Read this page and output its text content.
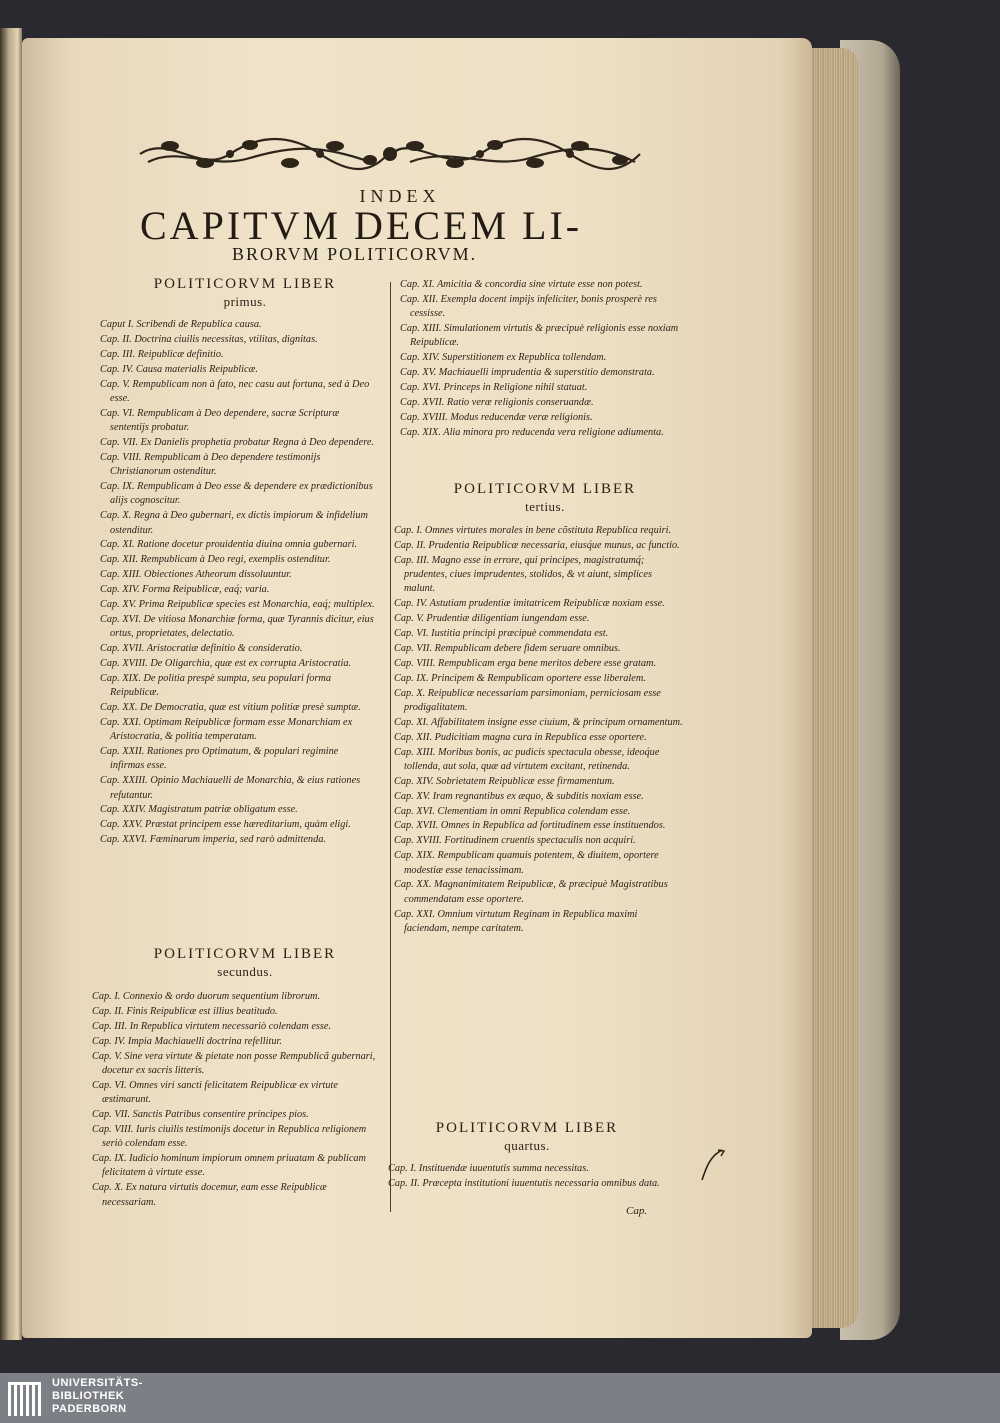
INDEX
CAPITVM DECEM LI-
BRORVM POLITICORVM.
POLITICORVM LIBER
primus.
Caput I. Scribendi de Republica causa.
Cap. II. Doctrina ciuilis necessitas, vtilitas, dignitas.
Cap. III. Reipublicæ definitio.
Cap. IV. Causa materialis Reipublicæ.
Cap. V. Rempublicam non à fato, nec casu aut fortuna, sed à Deo esse.
Cap. VI. Rempublicam à Deo dependere, sacræ Scripturæ sententijs probatur.
Cap. VII. Ex Danielis prophetia probatur Regna à Deo dependere.
Cap. VIII. Rempublicam à Deo dependere testimonijs Christianorum ostenditur.
Cap. IX. Rempublicam à Deo esse & dependere ex prædictionibus alijs cognoscitur.
Cap. X. Regna à Deo gubernari, ex dictis impiorum & infidelium ostenditur.
Cap. XI. Ratione docetur prouidentia diuina omnia gubernari.
Cap. XII. Rempublicam à Deo regi, exemplis ostenditur.
Cap. XIII. Obiectiones Atheorum dissoluuntur.
Cap. XIV. Forma Reipublicæ, eaq́; varia.
Cap. XV. Prima Reipublicæ species est Monarchia, eaq́; multiplex.
Cap. XVI. De vitiosa Monarchiæ forma, quæ Tyrannis dicitur, eius ortus, proprietates, delectatio.
Cap. XVII. Aristocratiæ definitio & consideratio.
Cap. XVIII. De Oligarchia, quæ est ex corrupta Aristocratia.
Cap. XIX. De politia prespè sumpta, seu populari forma Reipublicæ.
Cap. XX. De Democratia, quæ est vitium politiæ presè sumptæ.
Cap. XXI. Optimam Reipublicæ formam esse Monarchiam ex Aristocratia, & politia temperatam.
Cap. XXII. Rationes pro Optimatum, & populari regimine infirmas esse.
Cap. XXIII. Opinio Machiauelli de Monarchia, & eius rationes refutantur.
Cap. XXIV. Magistratum patriæ obligatum esse.
Cap. XXV. Præstat principem esse hæreditarium, quàm eligi.
Cap. XXVI. Fœminarum imperia, sed rarò admittenda.
POLITICORVM LIBER
secundus.
Cap. I. Connexio & ordo duorum sequentium librorum.
Cap. II. Finis Reipublicæ est illius beatitudo.
Cap. III. In Republica virtutem necessariò colendam esse.
Cap. IV. Impia Machiauelli doctrina refellitur.
Cap. V. Sine vera virtute & pietate non posse Rempublicã gubernari, docetur ex sacris litteris.
Cap. VI. Omnes viri sancti felicitatem Reipublicæ ex virtute æstimarunt.
Cap. VII. Sanctis Patribus consentire principes pios.
Cap. VIII. Iuris ciuilis testimonijs docetur in Republica religionem seriò colendam esse.
Cap. IX. Iudicio hominum impiorum omnem priuatam & publicam felicitatem à virtute esse.
Cap. X. Ex natura virtutis docemur, eam esse Reipublicæ necessariam.
Cap. XI. Amicitia & concordia sine virtute esse non potest.
Cap. XII. Exempla docent impijs infeliciter, bonis prosperè res cessisse.
Cap. XIII. Simulationem virtutis & præcipuè religionis esse noxiam Reipublicæ.
Cap. XIV. Superstitionem ex Republica tollendam.
Cap. XV. Machiauelli imprudentia & superstitio demonstrata.
Cap. XVI. Princeps in Religione nihil statuat.
Cap. XVII. Ratio veræ religionis conseruandæ.
Cap. XVIII. Modus reducendæ veræ religionis.
Cap. XIX. Alia minora pro reducenda vera religione adiumenta.
POLITICORVM LIBER
tertius.
Cap. I. Omnes virtutes morales in bene cõstituta Republica requiri.
Cap. II. Prudentia Reipublicæ necessaria, eiusq́ue munus, ac functio.
Cap. III. Magno esse in errore, qui principes, magistratumq́; prudentes, ciues imprudentes, stolidos, & vt aiunt, simplices malunt.
Cap. IV. Astutiam prudentiæ imitatricem Reipublicæ noxiam esse.
Cap. V. Prudentiæ diligentiam iungendam esse.
Cap. VI. Iustitia principi præcipuè commendata est.
Cap. VII. Rempublicam debere fidem seruare omnibus.
Cap. VIII. Rempublicam erga bene meritos debere esse gratam.
Cap. IX. Principem & Rempublicam oportere esse liberalem.
Cap. X. Reipublicæ necessariam parsimoniam, perniciosam esse prodigalitatem.
Cap. XI. Affabilitatem insigne esse ciuium, & principum ornamentum.
Cap. XII. Pudicitiam magna cura in Republica esse oportere.
Cap. XIII. Moribus bonis, ac pudicis spectacula obesse, ideoq́ue tollenda, aut sola, quæ ad virtutem excitant, retinenda.
Cap. XIV. Sobrietatem Reipublicæ esse firmamentum.
Cap. XV. Iram regnantibus ex æquo, & subditis noxiam esse.
Cap. XVI. Clementiam in omni Republica colendam esse.
Cap. XVII. Omnes in Republica ad fortitudinem esse instituendos.
Cap. XVIII. Fortitudinem cruentis spectaculis non acquiri.
Cap. XIX. Rempublicam quamuis potentem, & diuitem, oportere modestiæ esse tenacissimam.
Cap. XX. Magnanimitatem Reipublicæ, & præcipuè Magistratibus commendatam esse oportere.
Cap. XXI. Omnium virtutum Reginam in Republica maximi faciendam, nempe caritatem.
POLITICORVM LIBER
quartus.
Cap. I. Instituendæ iuuentutis summa necessitas.
Cap. II. Præcepta institutioni iuuentutis necessaria omnibus data.
Cap.
UNIVERSITÄTS-
BIBLIOTHEK
PADERBORN
